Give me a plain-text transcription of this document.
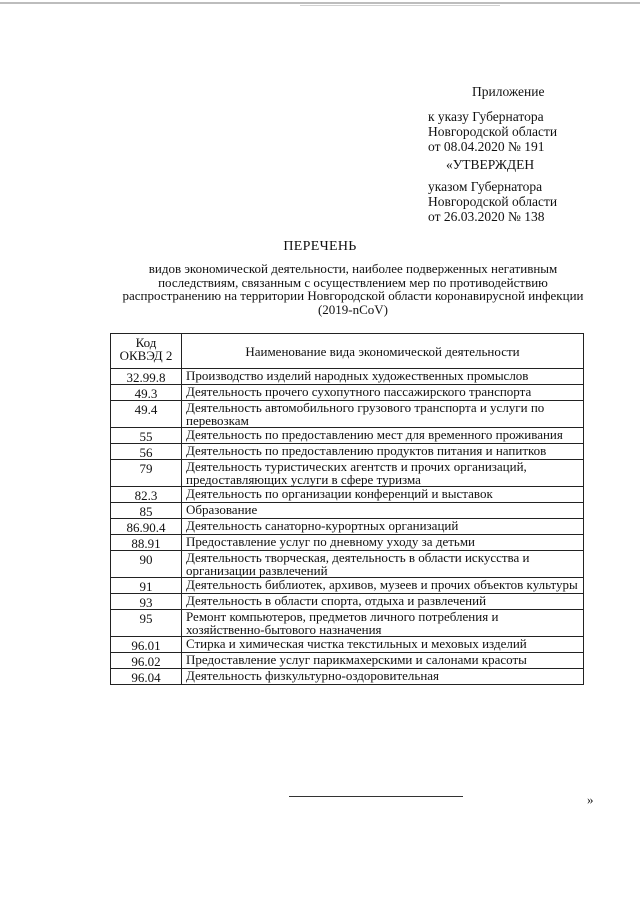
Приложение
к указу Губернатора
Новгородской области
от 08.04.2020 № 191
«УТВЕРЖДЕН
указом Губернатора
Новгородской области
от 26.03.2020 № 138
ПЕРЕЧЕНЬ
видов экономической деятельности, наиболее подверженных негативным последствиям, связанным с осуществлением мер по противодействию распространению на территории Новгородской области коронавирусной инфекции (2019-nCoV)
Код ОКВЭД 2	Наименование вида экономической деятельности
32.99.8	Производство изделий народных художественных промыслов
49.3	Деятельность прочего сухопутного пассажирского транспорта
49.4	Деятельность автомобильного грузового транспорта и услуги по перевозкам
55	Деятельность по предоставлению мест для временного проживания
56	Деятельность по предоставлению продуктов питания и напитков
79	Деятельность туристических агентств и прочих организаций, предоставляющих услуги в сфере туризма
82.3	Деятельность по организации конференций и выставок
85	Образование
86.90.4	Деятельность санаторно-курортных организаций
88.91	Предоставление услуг по дневному уходу за детьми
90	Деятельность творческая, деятельность в области искусства и организации развлечений
91	Деятельность библиотек, архивов, музеев и прочих объектов культуры
93	Деятельность в области спорта, отдыха и развлечений
95	Ремонт компьютеров, предметов личного потребления и хозяйственно-бытового назначения
96.01	Стирка и химическая чистка текстильных и меховых изделий
96.02	Предоставление услуг парикмахерскими и салонами красоты
96.04	Деятельность физкультурно-оздоровительная
»
